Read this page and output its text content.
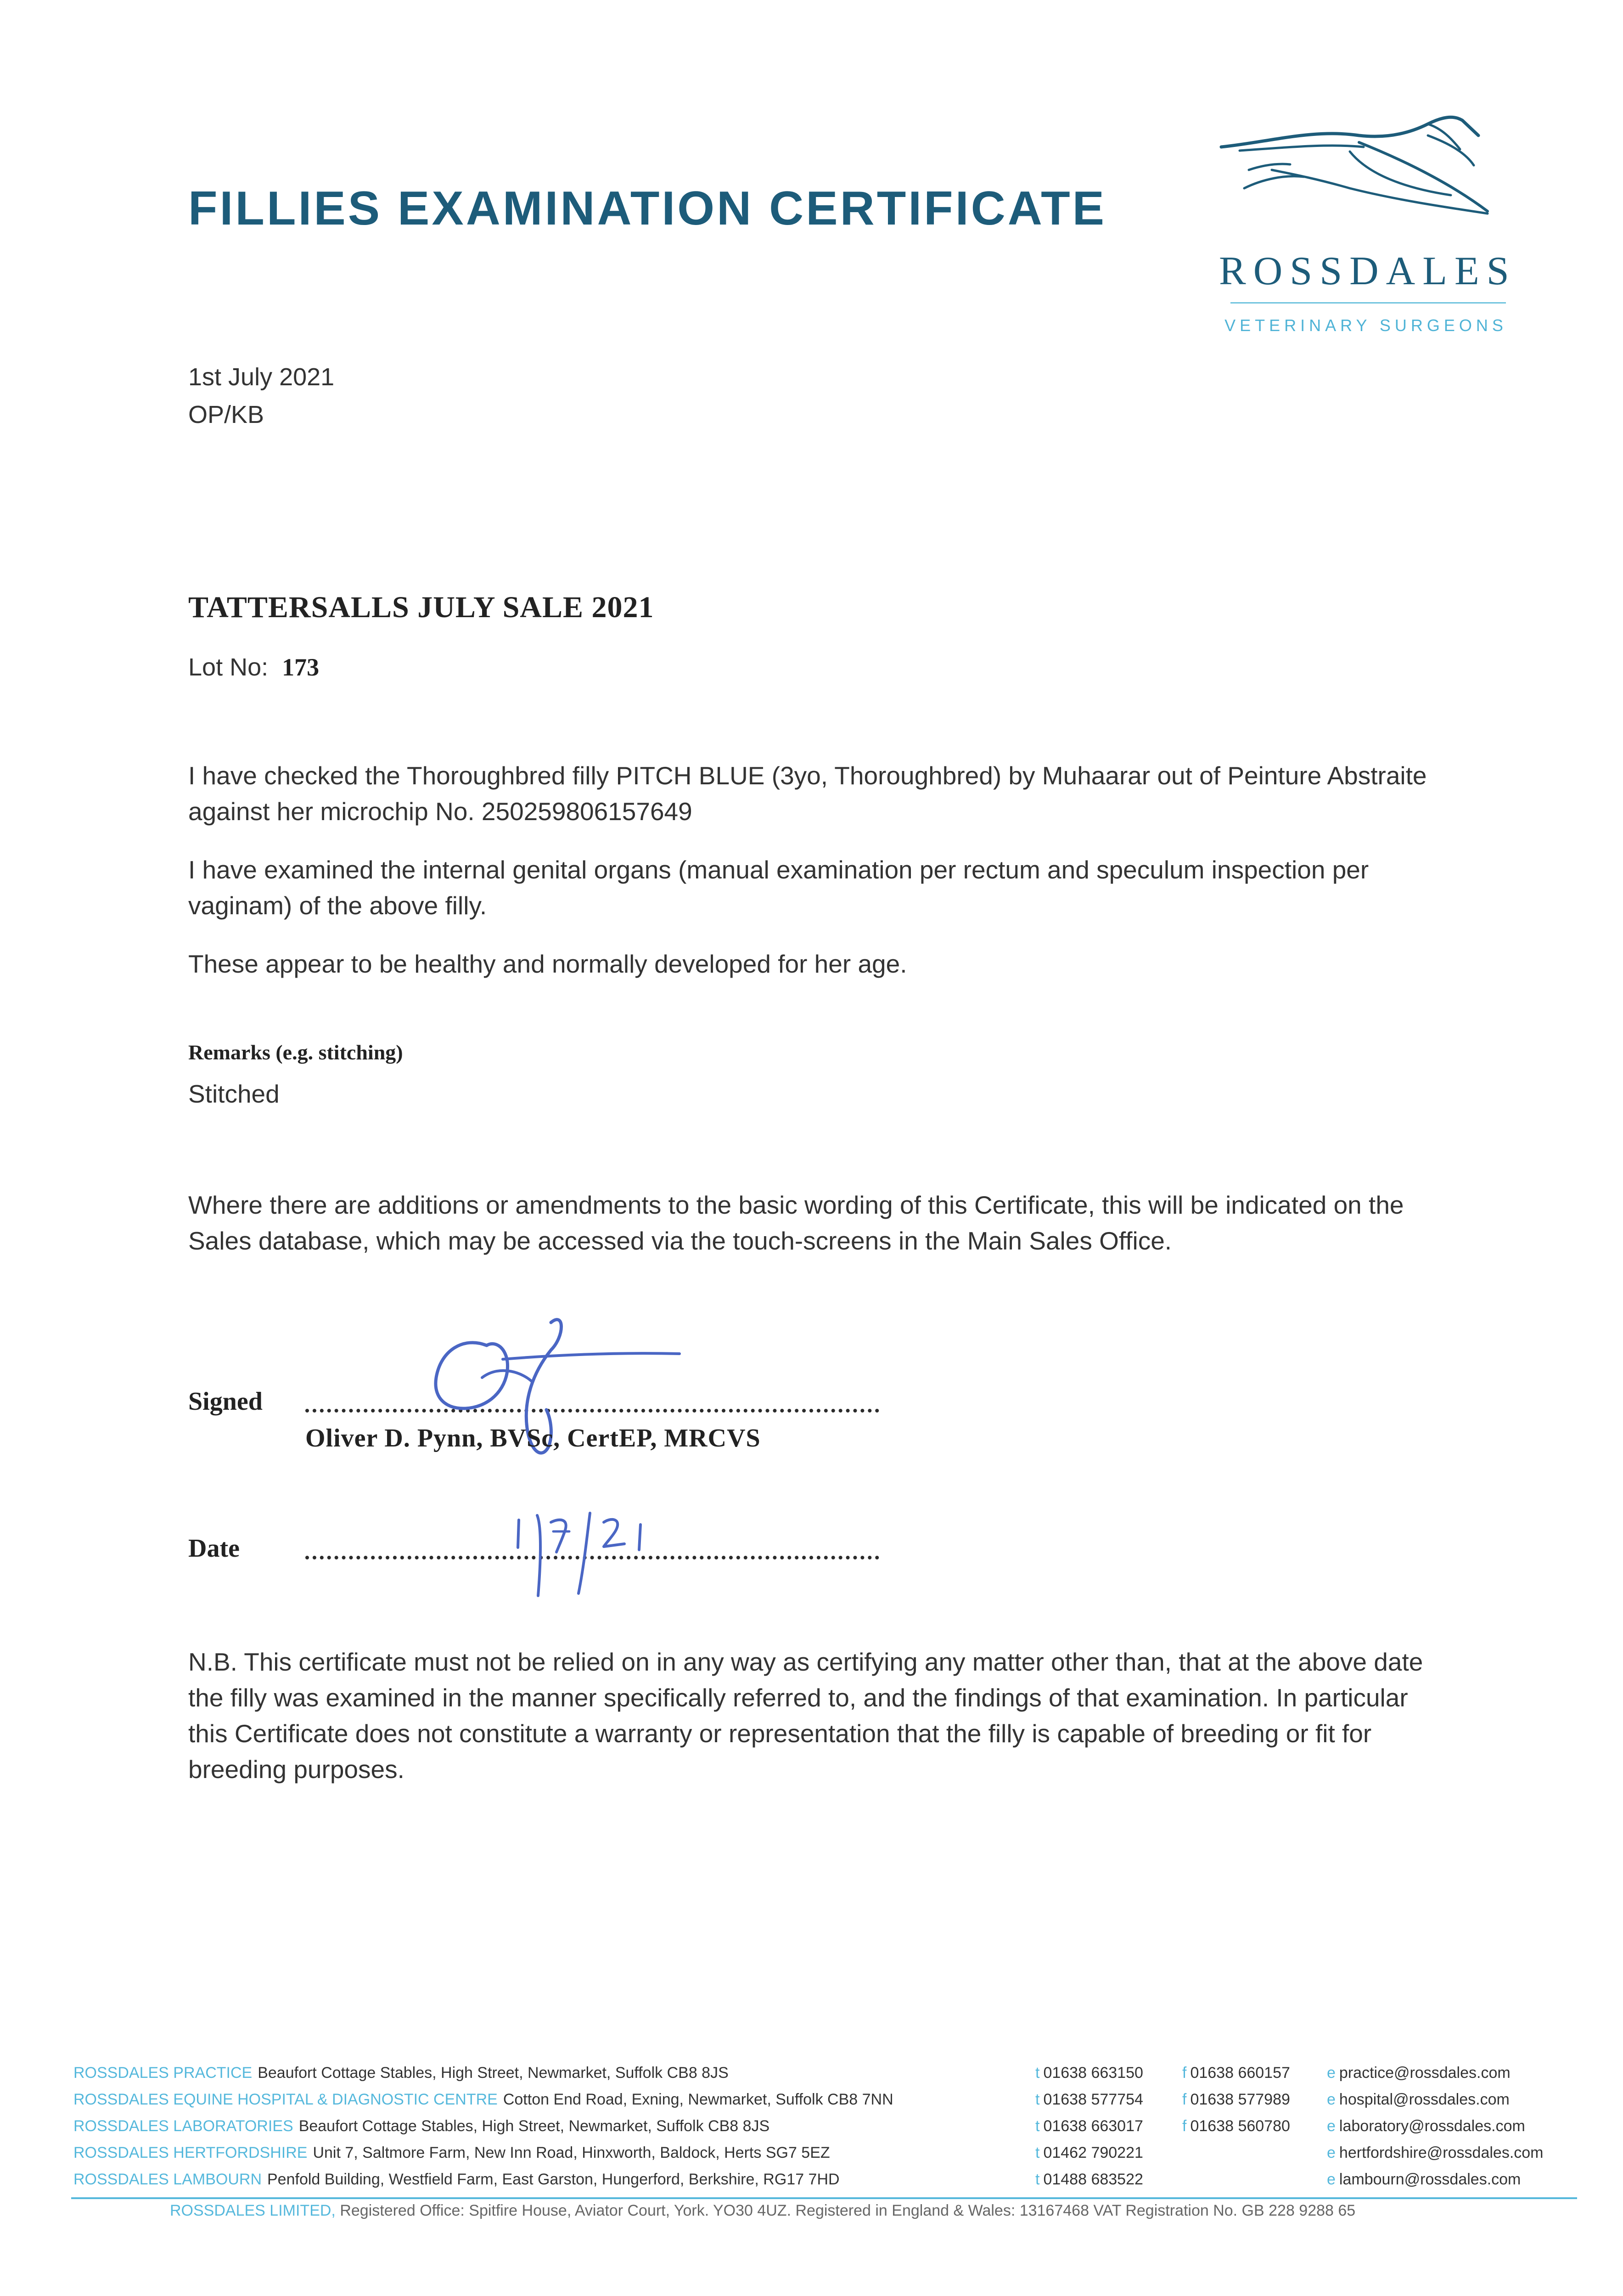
FILLIES EXAMINATION CERTIFICATE
ROSSDALES
VETERINARY SURGEONS
1st July 2021
OP/KB
TATTERSALLS JULY SALE 2021
Lot No: 173
I have checked the Thoroughbred filly PITCH BLUE (3yo, Thoroughbred) by Muhaarar out of Peinture Abstraite against her microchip No. 250259806157649
I have examined the internal genital organs (manual examination per rectum and speculum inspection per vaginam) of the above filly.
These appear to be healthy and normally developed for her age.
Remarks (e.g. stitching)
Stitched
Where there are additions or amendments to the basic wording of this Certificate, this will be indicated on the Sales database, which may be accessed via the touch-screens in the Main Sales Office.
Signed
Oliver D. Pynn, BVSc, CertEP, MRCVS
Date
N.B. This certificate must not be relied on in any way as certifying any matter other than, that at the above date the filly was examined in the manner specifically referred to, and the findings of that examination. In particular this Certificate does not constitute a warranty or representation that the filly is capable of breeding or fit for breeding purposes.
ROSSDALES PRACTICE Beaufort Cottage Stables, High Street, Newmarket, Suffolk CB8 8JS	t 01638 663150	f 01638 660157 e practice@rossdales.com
ROSSDALES EQUINE HOSPITAL & DIAGNOSTIC CENTRE Cotton End Road, Exning, Newmarket, Suffolk CB8 7NN	t 01638 577754	f 01638 577989 e hospital@rossdales.com
ROSSDALES LABORATORIES Beaufort Cottage Stables, High Street, Newmarket, Suffolk CB8 8JS	t 01638 663017	f 01638 560780 e laboratory@rossdales.com
ROSSDALES HERTFORDSHIRE Unit 7, Saltmore Farm, New Inn Road, Hinxworth, Baldock, Herts SG7 5EZ	t 01462 790221	e hertfordshire@rossdales.com
ROSSDALES LAMBOURN Penfold Building, Westfield Farm, East Garston, Hungerford, Berkshire, RG17 7HD	t 01488 683522	e lambourn@rossdales.com
ROSSDALES LIMITED, Registered Office: Spitfire House, Aviator Court, York. YO30 4UZ. Registered in England & Wales: 13167468 VAT Registration No. GB 228 9288 65
